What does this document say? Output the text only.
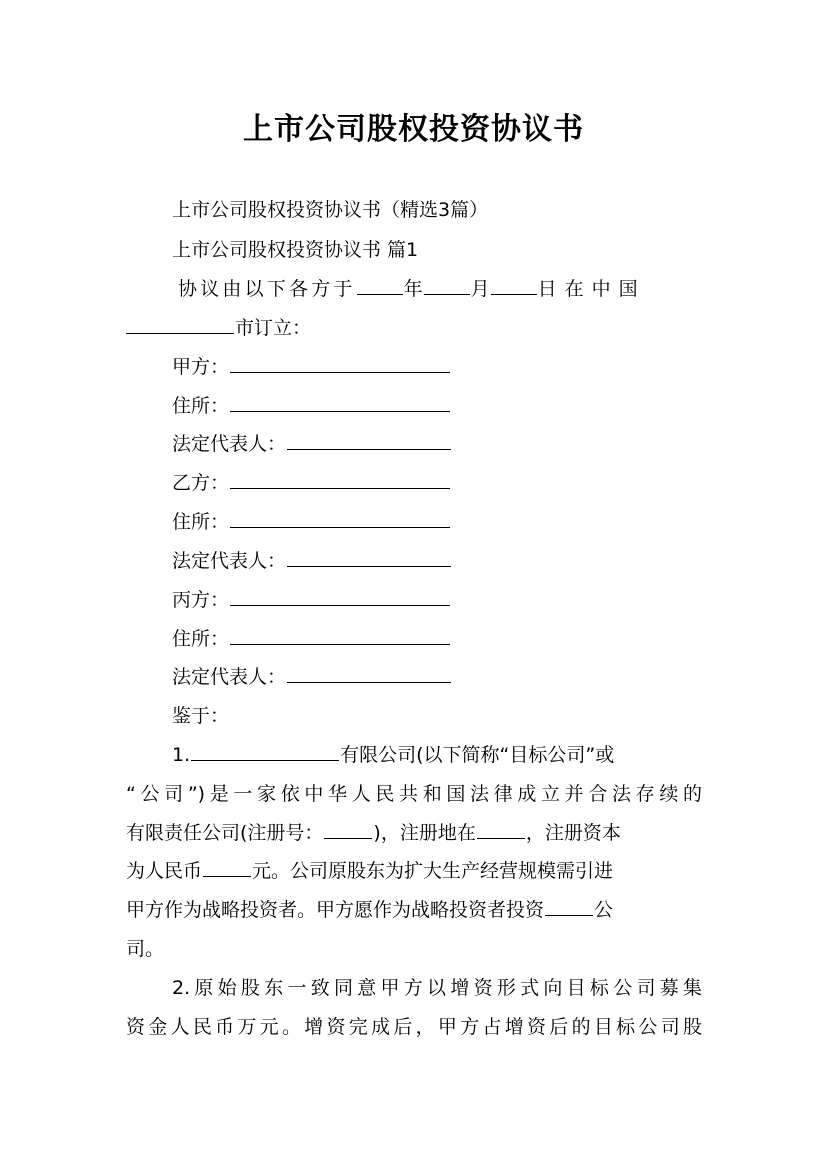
上市公司股权投资协议书
上市公司股权投资协议书（精选3篇）
上市公司股权投资协议书 篇1
协议由以下各方于	年	月	日在中国
市订立：
甲方：
住所：
法定代表人：
乙方：
住所：
法定代表人：
丙方：
住所：
法定代表人：
鉴于：
1.	有限公司(以下简称“目标公司”或
“公司”)是一家依中华人民共和国法律成立并合法存续的
有限责任公司(注册号：	)，注册地在	，注册资本
为人民币	元。公司原股东为扩大生产经营规模需引进
甲方作为战略投资者。甲方愿作为战略投资者投资	公
司。
2.原始股东一致同意甲方以增资形式向目标公司募集
资金人民币万元。增资完成后，甲方占增资后的目标公司股
